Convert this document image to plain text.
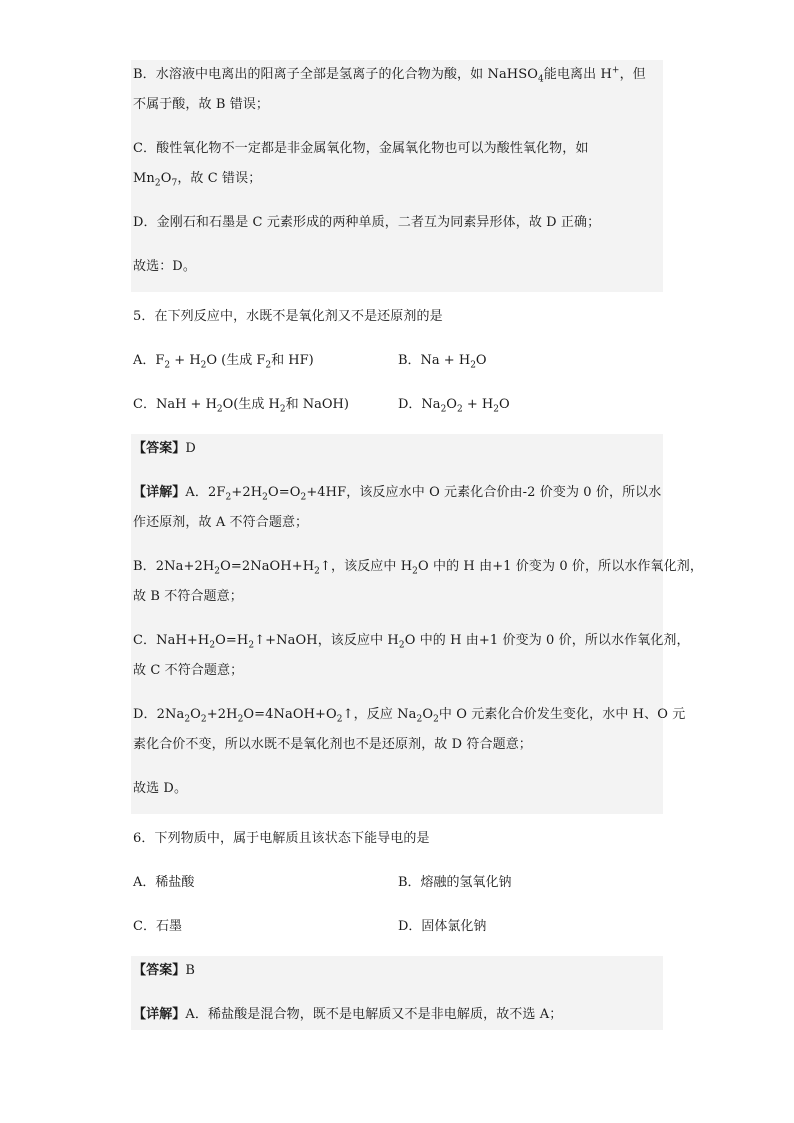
B．水溶液中电离出的阳离子全部是氢离子的化合物为酸，如 NaHSO$_4$能电离出 H+，但
不属于酸，故 B 错误；
C．酸性氧化物不一定都是非金属氧化物，金属氧化物也可以为酸性氧化物，如
$Mn_2O_7$，故 C 错误；
D．金刚石和石墨是 C 元素形成的两种单质，二者互为同素异形体，故 D 正确；
故选：D。
5．在下列反应中，水既不是氧化剂又不是还原剂的是
A．$F_2 + H_2O$ (生成 $F_2$和 HF)	B．$Na + H_2O$
C．NaH + $H_2O$(生成 $H_2$和 NaOH)	D．$Na_2O_2 + H_2O$
【答案】D
【详解】A．$2F_2+2H_2O=O_2+4HF$，该反应水中 O 元素化合价由-2 价变为 0 价，所以水
作还原剂，故 A 不符合题意；
B．$2Na+2H_2O=2NaOH+H_2↑$，该反应中 $H_2O$ 中的 H 由+1 价变为 0 价，所以水作氧化剂，
故 B 不符合题意；
C．$NaH+H_2O=H_2↑+NaOH$，该反应中 $H_2O$ 中的 H 由+1 价变为 0 价，所以水作氧化剂，
故 C 不符合题意；
D．$2Na_2O_2+2H_2O=4NaOH+O_2↑$，反应 $Na_2O_2$中 O 元素化合价发生变化，水中 H、O 元
素化合价不变，所以水既不是氧化剂也不是还原剂，故 D 符合题意；
故选 D。
6．下列物质中，属于电解质且该状态下能导电的是
A．稀盐酸	B．熔融的氢氧化钠
C．石墨	D．固体氯化钠
【答案】B
【详解】A．稀盐酸是混合物，既不是电解质又不是非电解质，故不选 A；
